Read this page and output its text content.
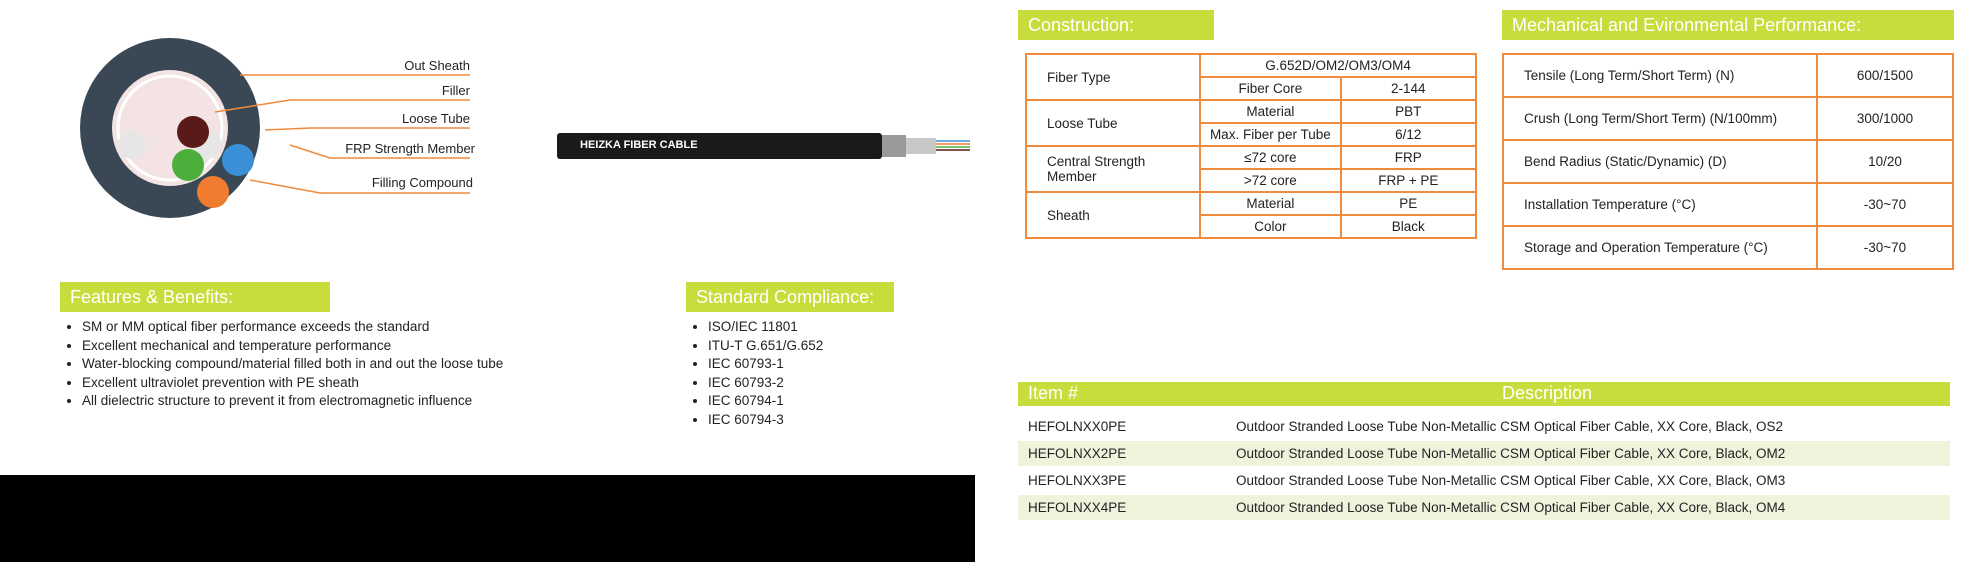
Out Sheath
Filler
Loose Tube
FRP Strength Member
Filling Compound
HEIZKA FIBER CABLE
Features & Benefits:
• SM or MM optical fiber performance exceeds the standard
• Excellent mechanical and temperature performance
• Water-blocking compound/material filled both in and out the loose tube
• Excellent ultraviolet prevention with PE sheath
• All dielectric structure to prevent it from electromagnetic influence
Standard Compliance:
• ISO/IEC 11801
• ITU-T G.651/G.652
• IEC 60793-1
• IEC 60793-2
• IEC 60794-1
• IEC 60794-3
Construction:
Fiber Type	G.652D/OM2/OM3/OM4	
	Fiber Core	2-144
Loose Tube	Material	PBT
	Max. Fiber per Tube	6/12
Central Strength
Member	≤72 core	FRP
	>72 core	FRP + PE
Sheath	Material	PE
	Color	Black
Mechanical and Evironmental Performance:
Tensile (Long Term/Short Term) (N)	600/1500
Crush (Long Term/Short Term) (N/100mm)	300/1000
Bend Radius (Static/Dynamic) (D)	10/20
Installation Temperature (°C)	-30~70
Storage and Operation Temperature (°C)	-30~70
Item #	Description
HEFOLNXX0PE	Outdoor Stranded Loose Tube Non-Metallic CSM Optical Fiber Cable, XX Core, Black, OS2
HEFOLNXX2PE	Outdoor Stranded Loose Tube Non-Metallic CSM Optical Fiber Cable, XX Core, Black, OM2
HEFOLNXX3PE	Outdoor Stranded Loose Tube Non-Metallic CSM Optical Fiber Cable, XX Core, Black, OM3
HEFOLNXX4PE	Outdoor Stranded Loose Tube Non-Metallic CSM Optical Fiber Cable, XX Core, Black, OM4
